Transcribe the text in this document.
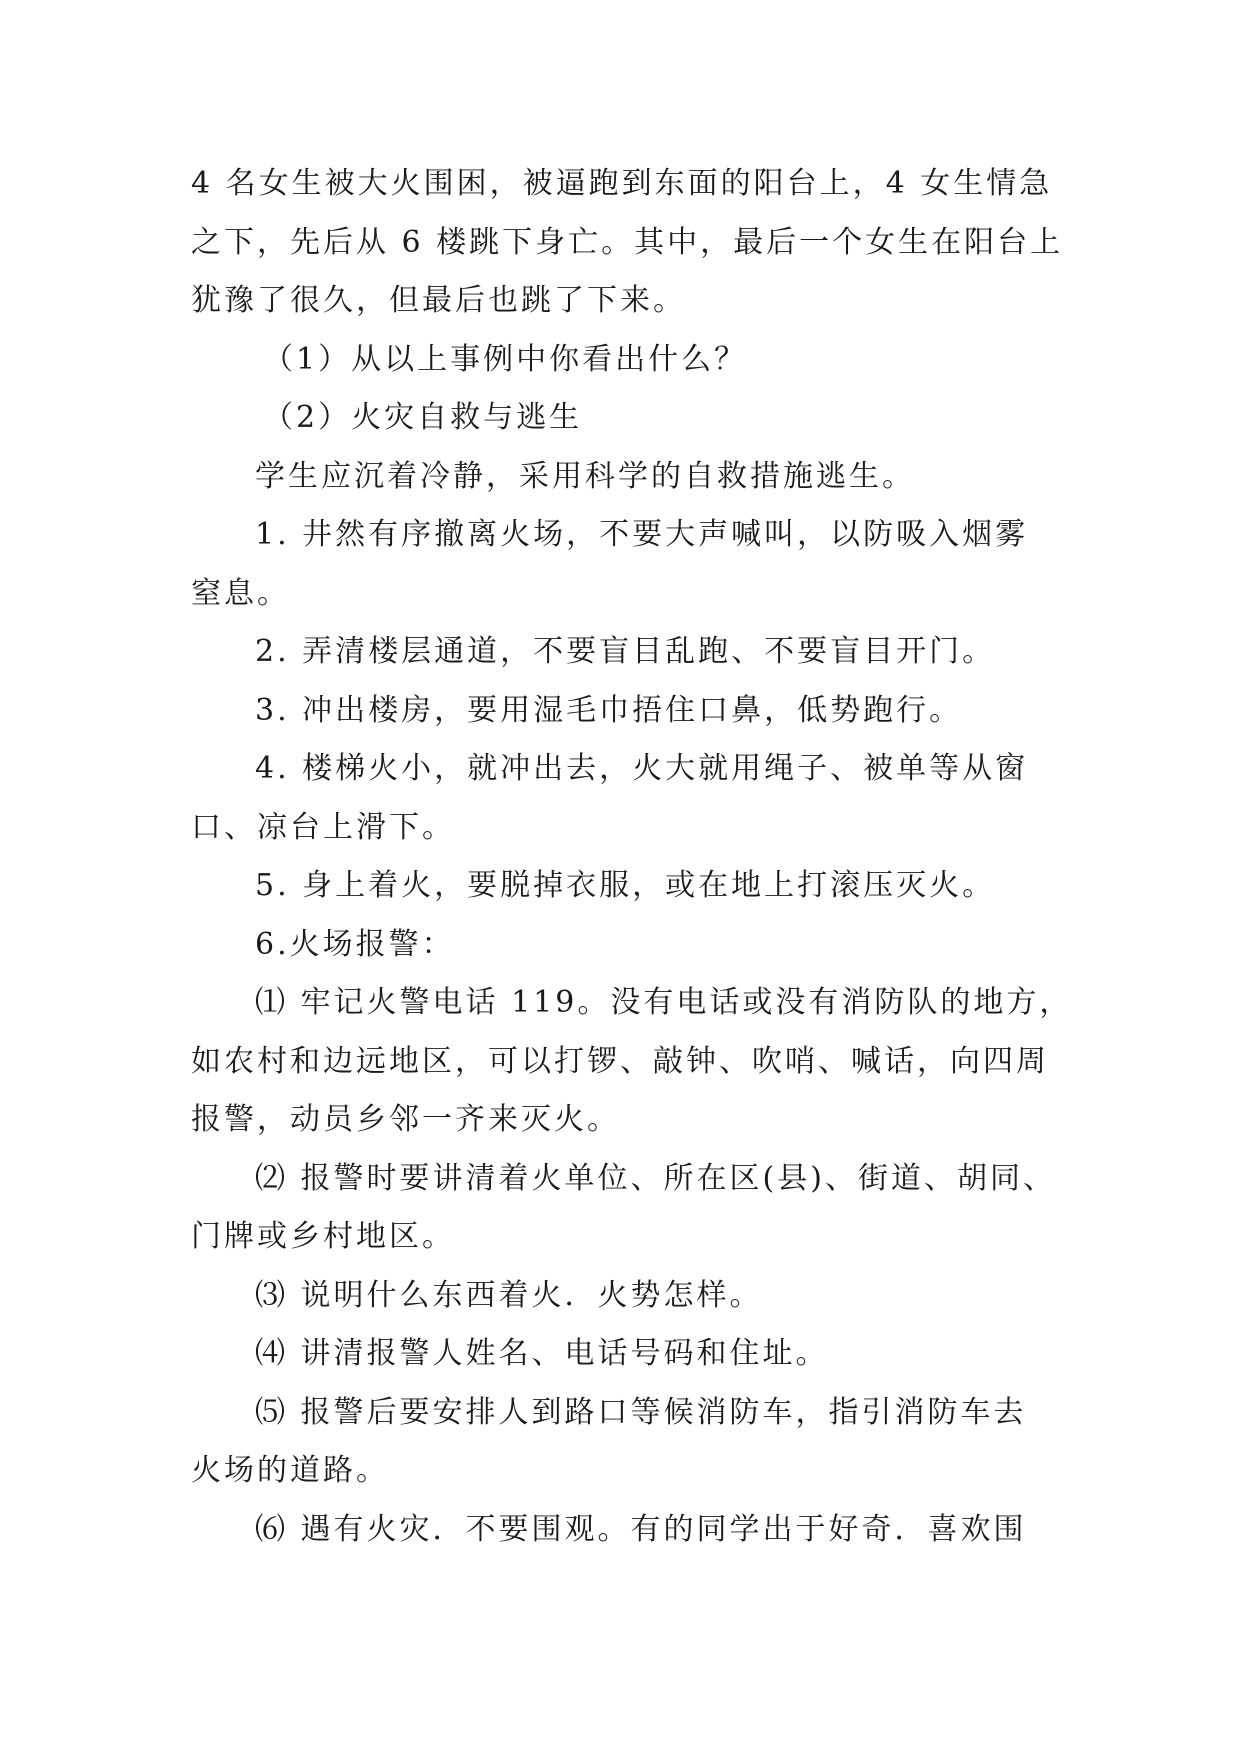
4 名女生被大火围困，被逼跑到东面的阳台上，4 女生情急
之下，先后从 6 楼跳下身亡。其中，最后一个女生在阳台上
犹豫了很久，但最后也跳了下来。
（1）从以上事例中你看出什么？
（2）火灾自救与逃生
学生应沉着冷静，采用科学的自救措施逃生。
1. 井然有序撤离火场，不要大声喊叫，以防吸入烟雾
窒息。
2. 弄清楼层通道，不要盲目乱跑、不要盲目开门。
3. 冲出楼房，要用湿毛巾捂住口鼻，低势跑行。
4. 楼梯火小，就冲出去，火大就用绳子、被单等从窗
口、凉台上滑下。
5. 身上着火，要脱掉衣服，或在地上打滚压灭火。
6.火场报警：
⑴ 牢记火警电话 119。没有电话或没有消防队的地方，
如农村和边远地区，可以打锣、敲钟、吹哨、喊话，向四周
报警，动员乡邻一齐来灭火。
⑵ 报警时要讲清着火单位、所在区(县)、街道、胡同、
门牌或乡村地区。
⑶ 说明什么东西着火．火势怎样。
⑷ 讲清报警人姓名、电话号码和住址。
⑸ 报警后要安排人到路口等候消防车，指引消防车去
火场的道路。
⑹ 遇有火灾．不要围观。有的同学出于好奇．喜欢围
